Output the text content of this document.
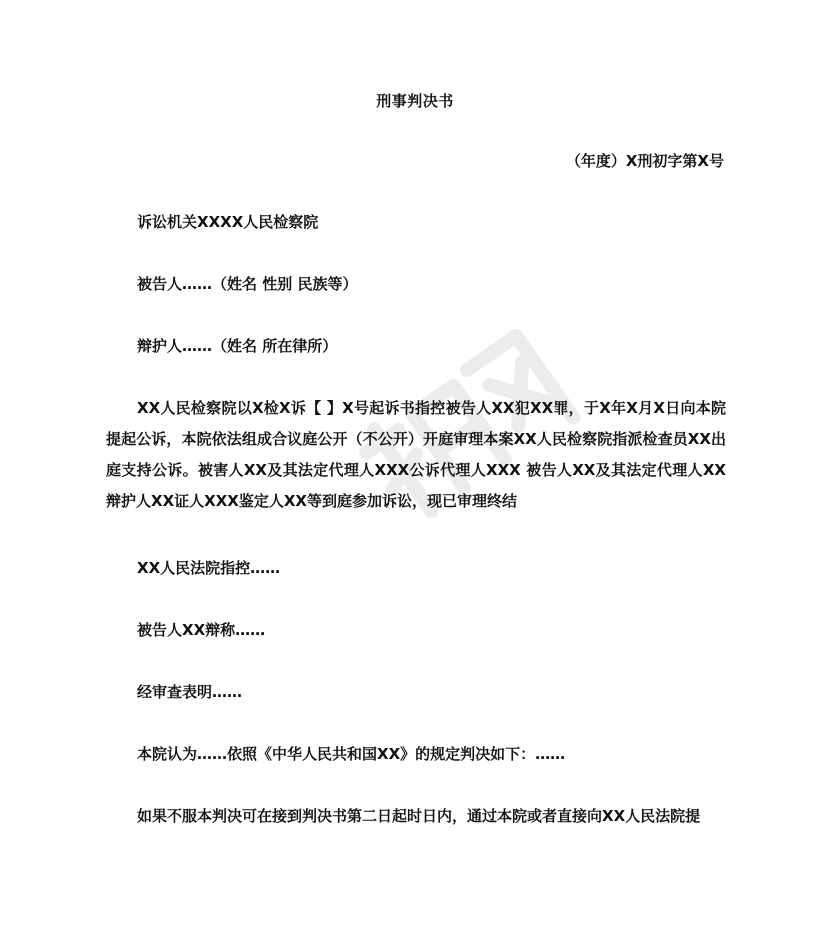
刑事判决书
（年度）X刑初字第X号

诉讼机关XXXX人民检察院

被告人……（姓名 性别 民族等）

辩护人……（姓名 所在律所）

XX人民检察院以X检X诉【 】X号起诉书指控被告人XX犯XX罪，于X年X月X日向本院提起公诉，本院依法组成合议庭公开（不公开）开庭审理本案XX人民检察院指派检查员XX出庭支持公诉。被害人XX及其法定代理人XXX公诉代理人XXX 被告人XX及其法定代理人XX辩护人XX证人XXX鉴定人XX等到庭参加诉讼，现已审理终结

XX人民法院指控……

被告人XX辩称……

经审查表明……

本院认为……依照《中华人民共和国XX》的规定判决如下：……

如果不服本判决可在接到判决书第二日起时日内，通过本院或者直接向XX人民法院提
